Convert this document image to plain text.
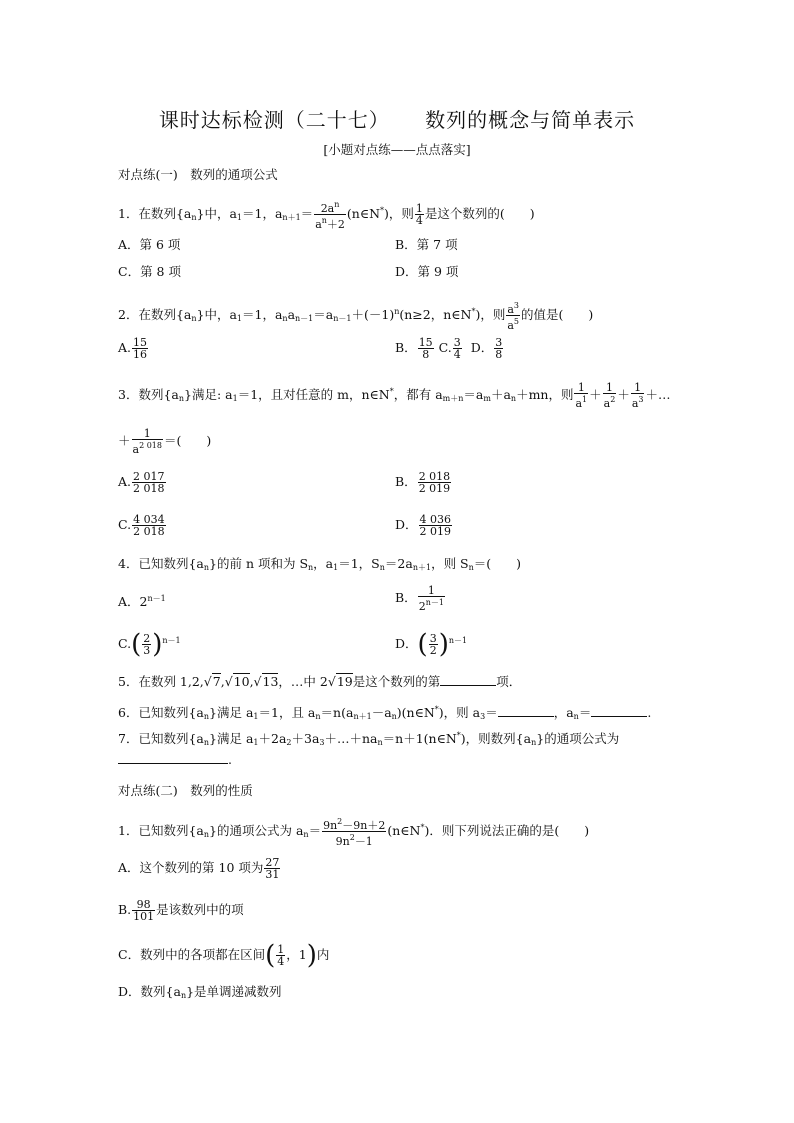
课时达标检测（二十七） 数列的概念与简单表示
[小题对点练——点点落实]
对点练(一)　数列的通项公式
1．在数列$\{a_n\}$中，$a_1=1$，$a_{n+1}= \frac{2a^n}{a^n+2}$ (n∈N*)，则 $\frac{1}{4}$ 是这个数列的(　　)
A．第 6 项	B．第 7 项
C．第 8 项	D．第 9 项
2．在数列$\{a_n\}$中，$a_1=1$，$a_na_{n-1}=a_{n-1}+(-1)^n(n\ge 2$，n∈N*)，则 $\frac{a^3}{a^5}$ 的值是(　　)
A. $\frac{15}{16}$	B． $\frac{15}{8} C$. $\frac{3}{4}$ D． $\frac{3}{8}$
3．数列$\{a_n\}$满足: $a_1=1$，且对任意的 m，n∈N*，都有 $a_{m+n}=a_m+a_n+mn$，则 $\frac{1}{a^1} + \frac{1}{a^2} + \frac{1}{a^3}$ ＋…
＋ $\frac{1}{a^{2 018}}$ ＝(　　)
A. $\frac{2 017}{2 018}$	B． $\frac{2 018}{2 019}$
C. $\frac{4 034}{2 018}$	D． $\frac{4 036}{2 019}$
4．已知数列$\{a_n\}$的前 n 项和为 $S_n$，$a_1=1$，$S_n=2a_{n+1}$，则 $S_n=$(　　)
A．$2^{n-1}$	B． $\frac{1}{2^{n-1}}$
$C.( \frac{2}{3} )^{n-1}$	D．( $\frac{3}{2} )^{n-1}$
5．在数列 1,2,√7,√10,√13，…中 2√19是这个数列的第	项．
6．已知数列$\{a_n\}$满足 $a_1=1$，且 $a_n=n(a_{n+1}-a_n)(n\in N^*)$，则 $a_3=$	，$a_n=$	.
7．已知数列$\{a_n\}$满足 $a_1+2a_2+3a_3+\dots+na_n=n+1(n\in N^*)$，则数列$\{a_n\}$的通项公式为
.
对点练(二)　数列的性质
1．已知数列$\{a_n\}$的通项公式为 $a_n= \frac{9n^2-9n+2}{9n^2-1}$ (n∈N*)．则下列说法正确的是(　　)
A．这个数列的第 10 项为 $\frac{27}{31}$
B. $\frac{98}{101}$ 是该数列中的项
C．数列中的各项都在区间( $\frac{1}{4}$ ，1)内
D．数列$\{a_n\}$是单调递减数列
